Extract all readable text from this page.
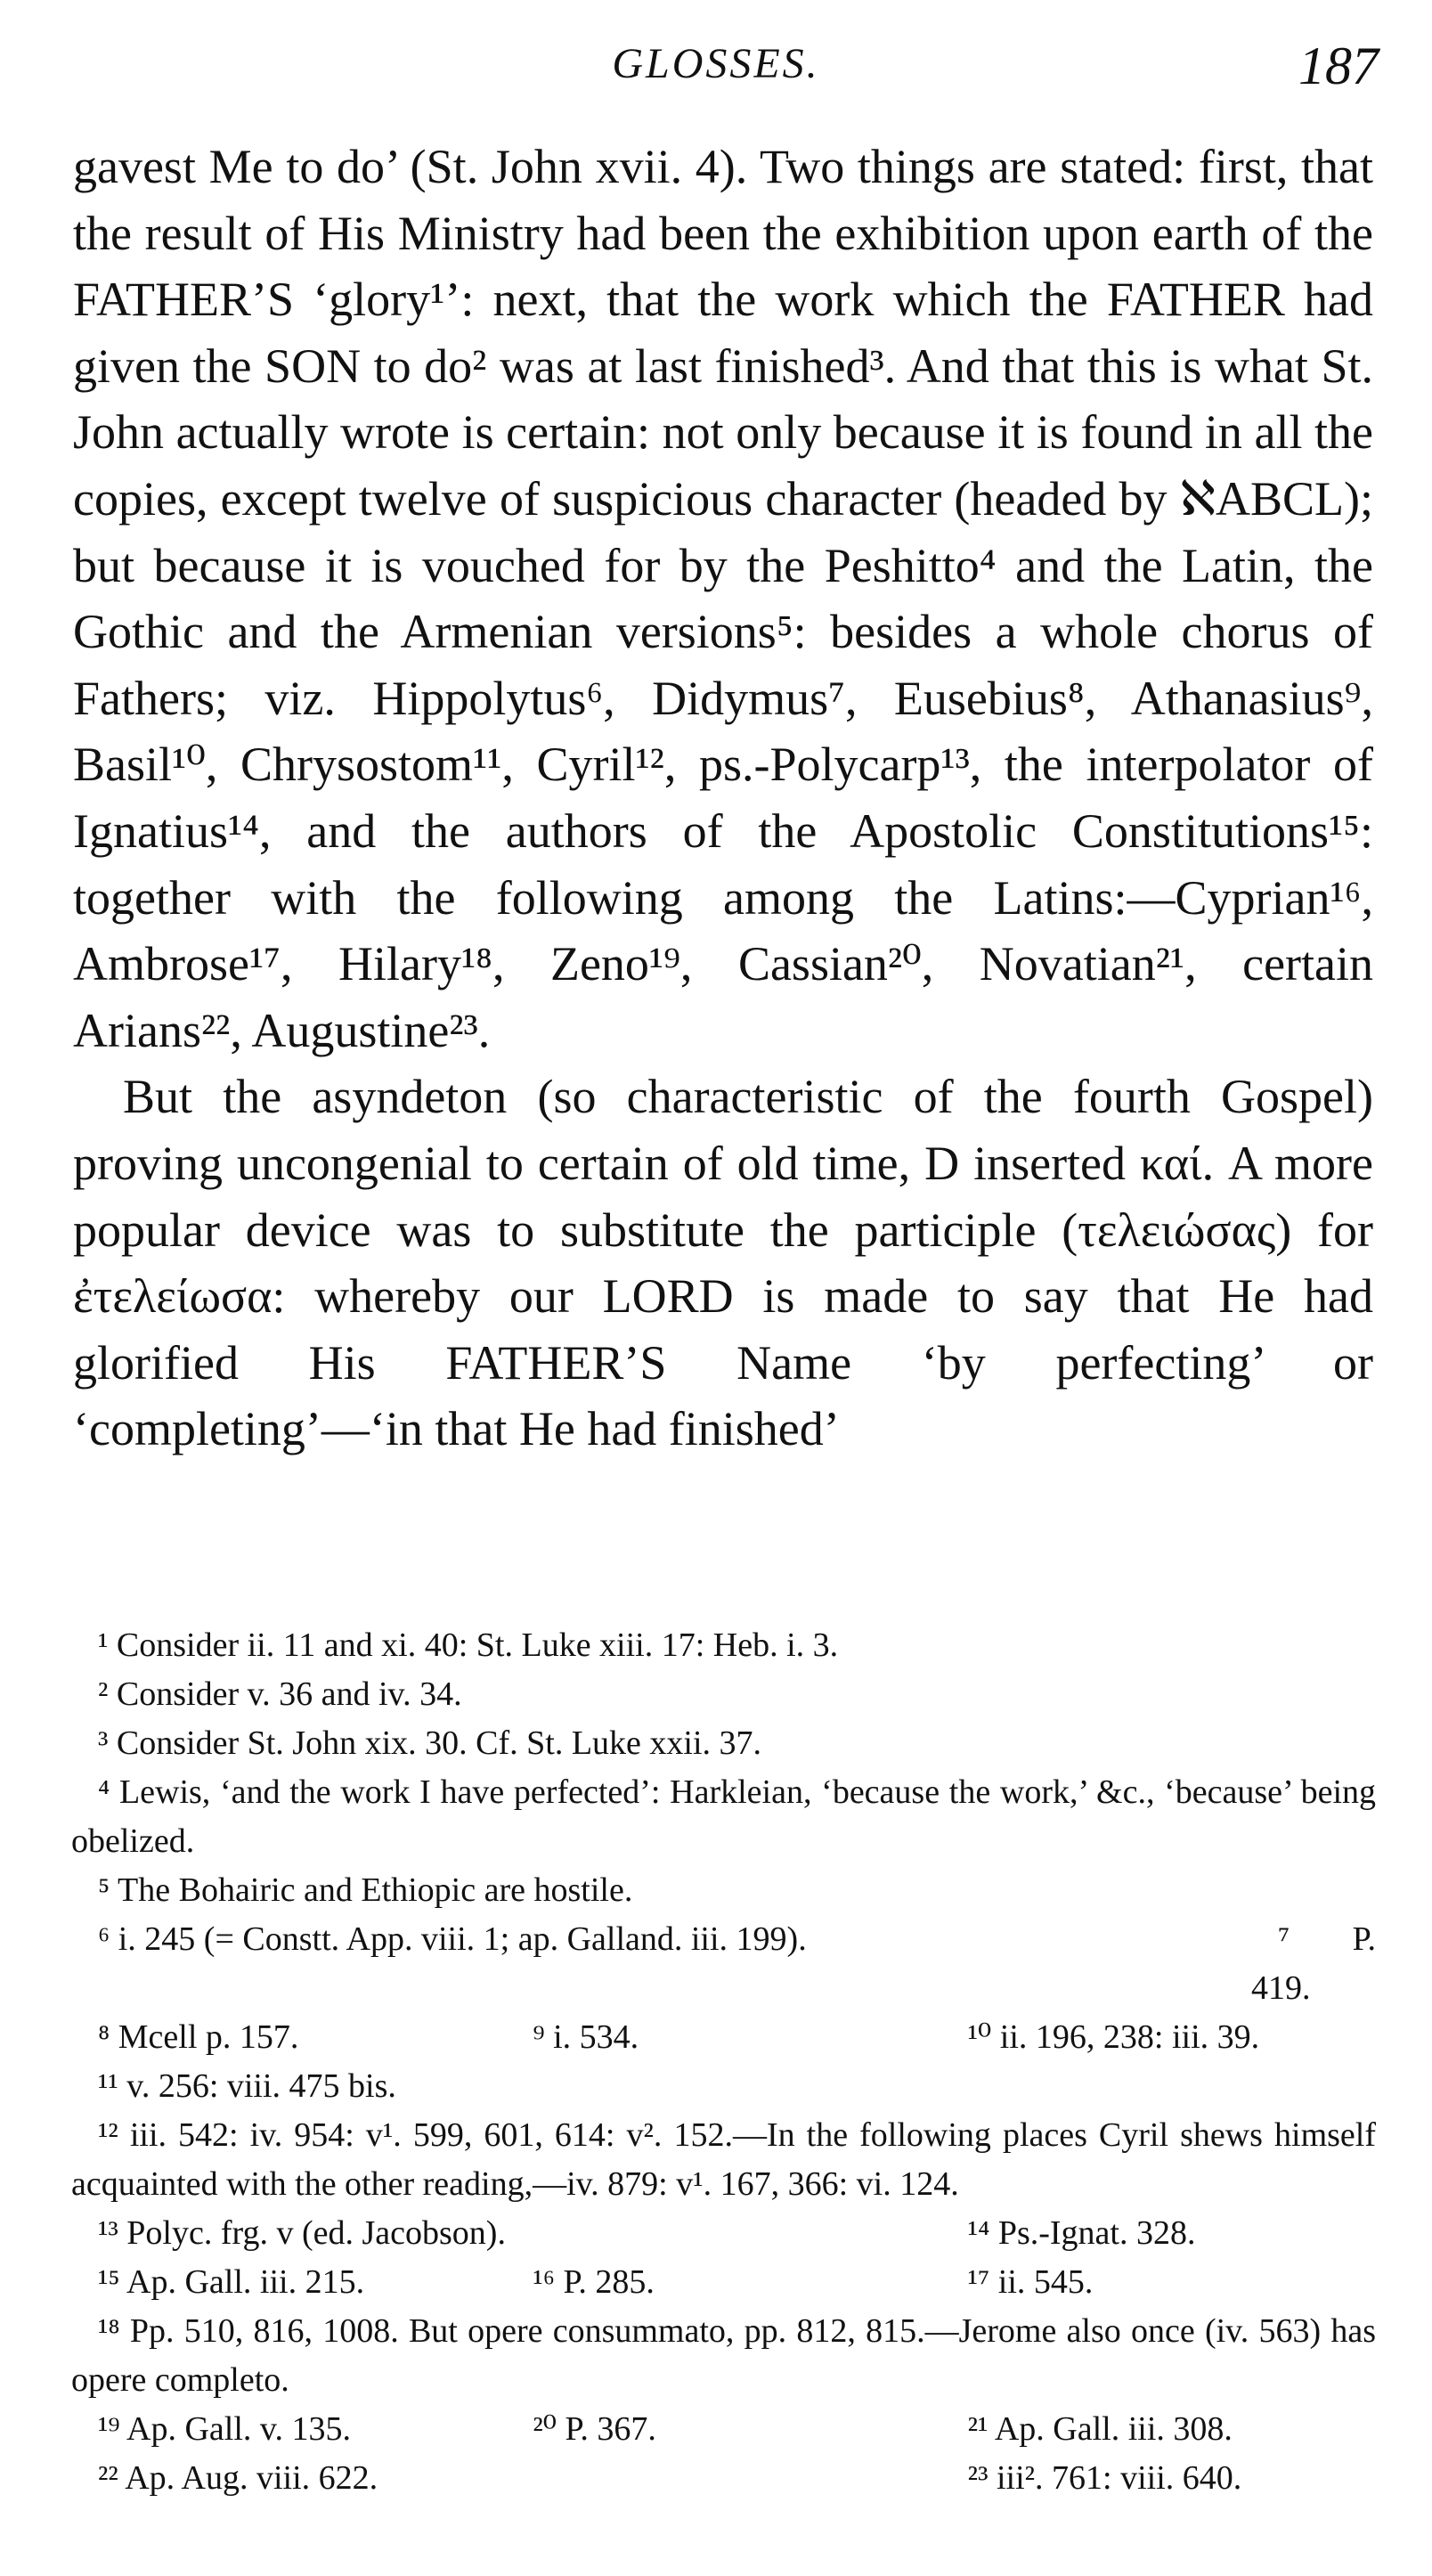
GLOSSES.	187

gavest Me to do’ (St. John xvii. 4). Two things are stated: first, that the result of His Ministry had been the exhibition upon earth of the FATHER’S ‘glory¹’: next, that the work which the FATHER had given the SON to do² was at last finished³. And that this is what St. John actually wrote is certain: not only because it is found in all the copies, except twelve of suspicious character (headed by ℵABCL); but because it is vouched for by the Peshitto⁴ and the Latin, the Gothic and the Armenian versions⁵: besides a whole chorus of Fathers; viz. Hippolytus⁶, Didymus⁷, Eusebius⁸, Athanasius⁹, Basil¹⁰, Chrysostom¹¹, Cyril¹², ps.-Polycarp¹³, the interpolator of Ignatius¹⁴, and the authors of the Apostolic Constitutions¹⁵: together with the following among the Latins:—Cyprian¹⁶, Ambrose¹⁷, Hilary¹⁸, Zeno¹⁹, Cassian²⁰, Novatian²¹, certain Arians²², Augustine²³.

But the asyndeton (so characteristic of the fourth Gospel) proving uncongenial to certain of old time, D inserted καί. A more popular device was to substitute the participle (τελειώσας) for ἐτελείωσα: whereby our LORD is made to say that He had glorified His FATHER’S Name ‘by perfecting’ or ‘completing’—‘in that He had finished’

¹ Consider ii. 11 and xi. 40: St. Luke xiii. 17: Heb. i. 3.

² Consider v. 36 and iv. 34.

³ Consider St. John xix. 30. Cf. St. Luke xxii. 37.

⁴ Lewis, ‘and the work I have perfected’: Harkleian, ‘because the work,’ &c., ‘because’ being obelized.

⁵ The Bohairic and Ethiopic are hostile.

⁶ i. 245 (= Constt. App. viii. 1; ap. Galland. iii. 199).	⁷ P. 419.
⁸ Mcell p. 157.	⁹ i. 534.	¹⁰ ii. 196, 238: iii. 39.

¹¹ v. 256: viii. 475 bis.

¹² iii. 542: iv. 954: v¹. 599, 601, 614: v². 152.—In the following places Cyril shews himself acquainted with the other reading,—iv. 879: v¹. 167, 366: vi. 124.

¹³ Polyc. frg. v (ed. Jacobson).	¹⁴ Ps.-Ignat. 328.
¹⁵ Ap. Gall. iii. 215.	¹⁶ P. 285.	¹⁷ ii. 545.

¹⁸ Pp. 510, 816, 1008. But opere consummato, pp. 812, 815.—Jerome also once (iv. 563) has opere completo.

¹⁹ Ap. Gall. v. 135.	²⁰ P. 367.	²¹ Ap. Gall. iii. 308.
²² Ap. Aug. viii. 622.	²³ iii². 761: viii. 640.
